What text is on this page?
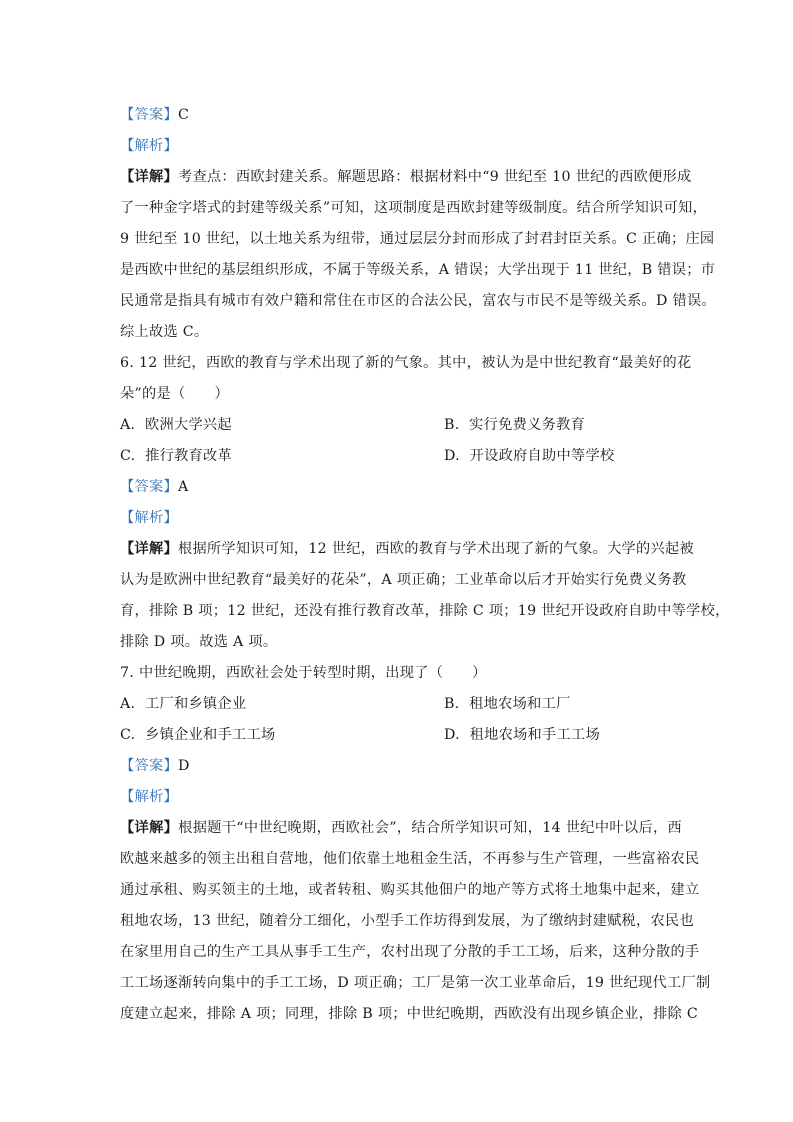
【答案】C
【解析】
【详解】考查点：西欧封建关系。解题思路：根据材料中“9 世纪至 10 世纪的西欧便形成
了一种金字塔式的封建等级关系”可知，这项制度是西欧封建等级制度。结合所学知识可知，
9 世纪至 10 世纪，以土地关系为纽带，通过层层分封而形成了封君封臣关系。C 正确；庄园
是西欧中世纪的基层组织形成，不属于等级关系，A 错误；大学出现于 11 世纪，B 错误；市
民通常是指具有城市有效户籍和常住在市区的合法公民，富农与市民不是等级关系。D 错误。
综上故选 C。
6. 12 世纪，西欧的教育与学术出现了新的气象。其中，被认为是中世纪教育“最美好的花
朵”的是（　　）
A. 欧洲大学兴起	B. 实行免费义务教育
C. 推行教育改革	D. 开设政府自助中等学校
【答案】A
【解析】
【详解】根据所学知识可知，12 世纪，西欧的教育与学术出现了新的气象。大学的兴起被
认为是欧洲中世纪教育“最美好的花朵”，A 项正确；工业革命以后才开始实行免费义务教
育，排除 B 项；12 世纪，还没有推行教育改革，排除 C 项；19 世纪开设政府自助中等学校，
排除 D 项。故选 A 项。
7. 中世纪晚期，西欧社会处于转型时期，出现了（　　）
A. 工厂和乡镇企业	B. 租地农场和工厂
C. 乡镇企业和手工工场	D. 租地农场和手工工场
【答案】D
【解析】
【详解】根据题干“中世纪晚期，西欧社会”，结合所学知识可知，14 世纪中叶以后，西
欧越来越多的领主出租自营地，他们依靠土地租金生活，不再参与生产管理，一些富裕农民
通过承租、购买领主的土地，或者转租、购买其他佃户的地产等方式将土地集中起来，建立
租地农场，13 世纪，随着分工细化，小型手工作坊得到发展，为了缴纳封建赋税，农民也
在家里用自己的生产工具从事手工生产，农村出现了分散的手工工场，后来，这种分散的手
工工场逐渐转向集中的手工工场，D 项正确；工厂是第一次工业革命后，19 世纪现代工厂制
度建立起来，排除 A 项；同理，排除 B 项；中世纪晚期，西欧没有出现乡镇企业，排除 C
